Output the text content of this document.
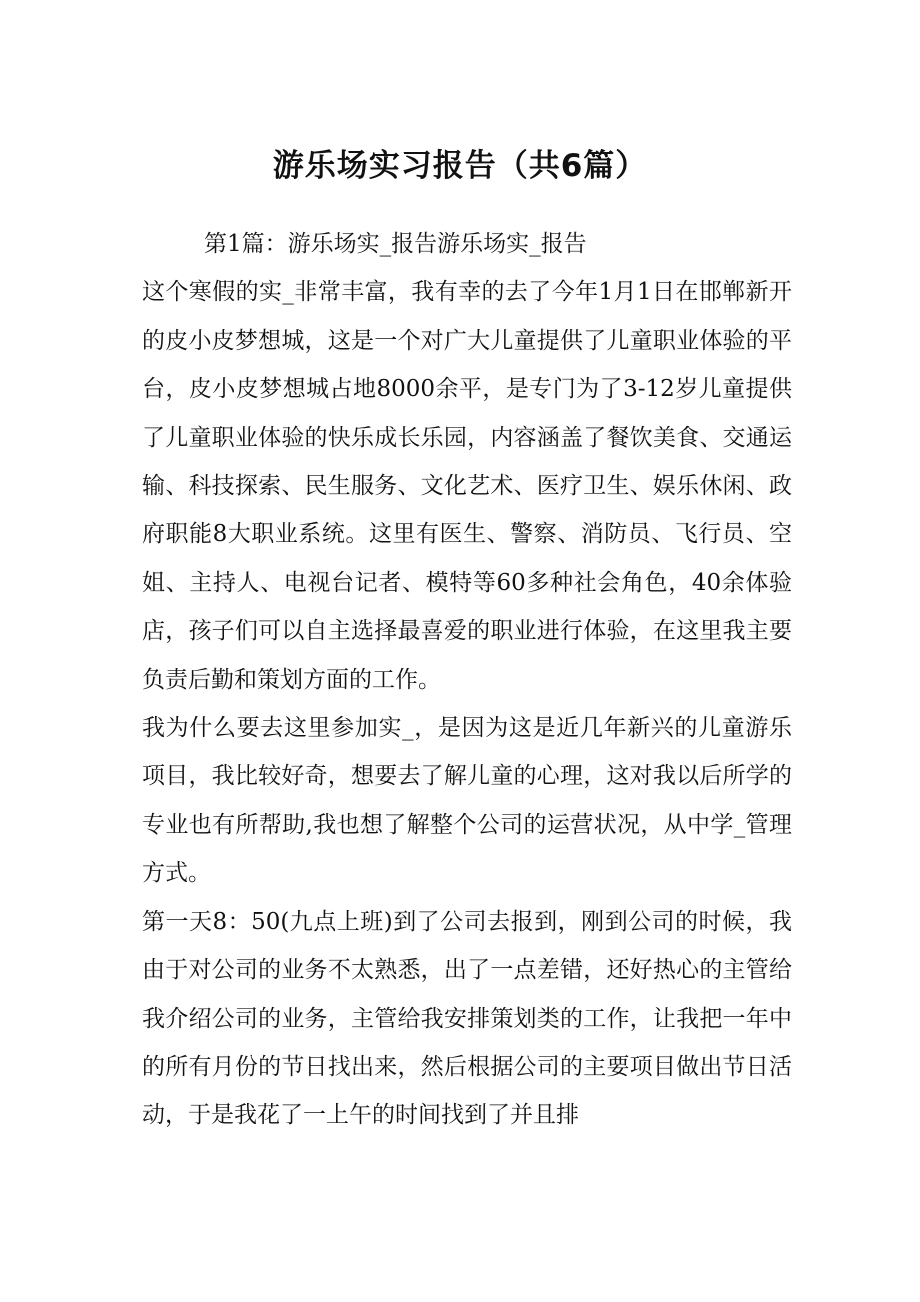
游乐场实习报告（共6篇）
第1篇：游乐场实_报告游乐场实_报告

这个寒假的实_非常丰富，我有幸的去了今年1月1日在邯郸新开的皮小皮梦想城，这是一个对广大儿童提供了儿童职业体验的平台，皮小皮梦想城占地8000余平，是专门为了3-12岁儿童提供了儿童职业体验的快乐成长乐园，内容涵盖了餐饮美食、交通运输、科技探索、民生服务、文化艺术、医疗卫生、娱乐休闲、政府职能8大职业系统。这里有医生、警察、消防员、飞行员、空姐、主持人、电视台记者、模特等60多种社会角色，40余体验店，孩子们可以自主选择最喜爱的职业进行体验，在这里我主要负责后勤和策划方面的工作。

我为什么要去这里参加实_，是因为这是近几年新兴的儿童游乐项目，我比较好奇，想要去了解儿童的心理，这对我以后所学的专业也有所帮助,我也想了解整个公司的运营状况，从中学_管理方式。

第一天8：50(九点上班)到了公司去报到，刚到公司的时候，我由于对公司的业务不太熟悉，出了一点差错，还好热心的主管给我介绍公司的业务，主管给我安排策划类的工作，让我把一年中的所有月份的节日找出来，然后根据公司的主要项目做出节日活动，于是我花了一上午的时间找到了并且排
